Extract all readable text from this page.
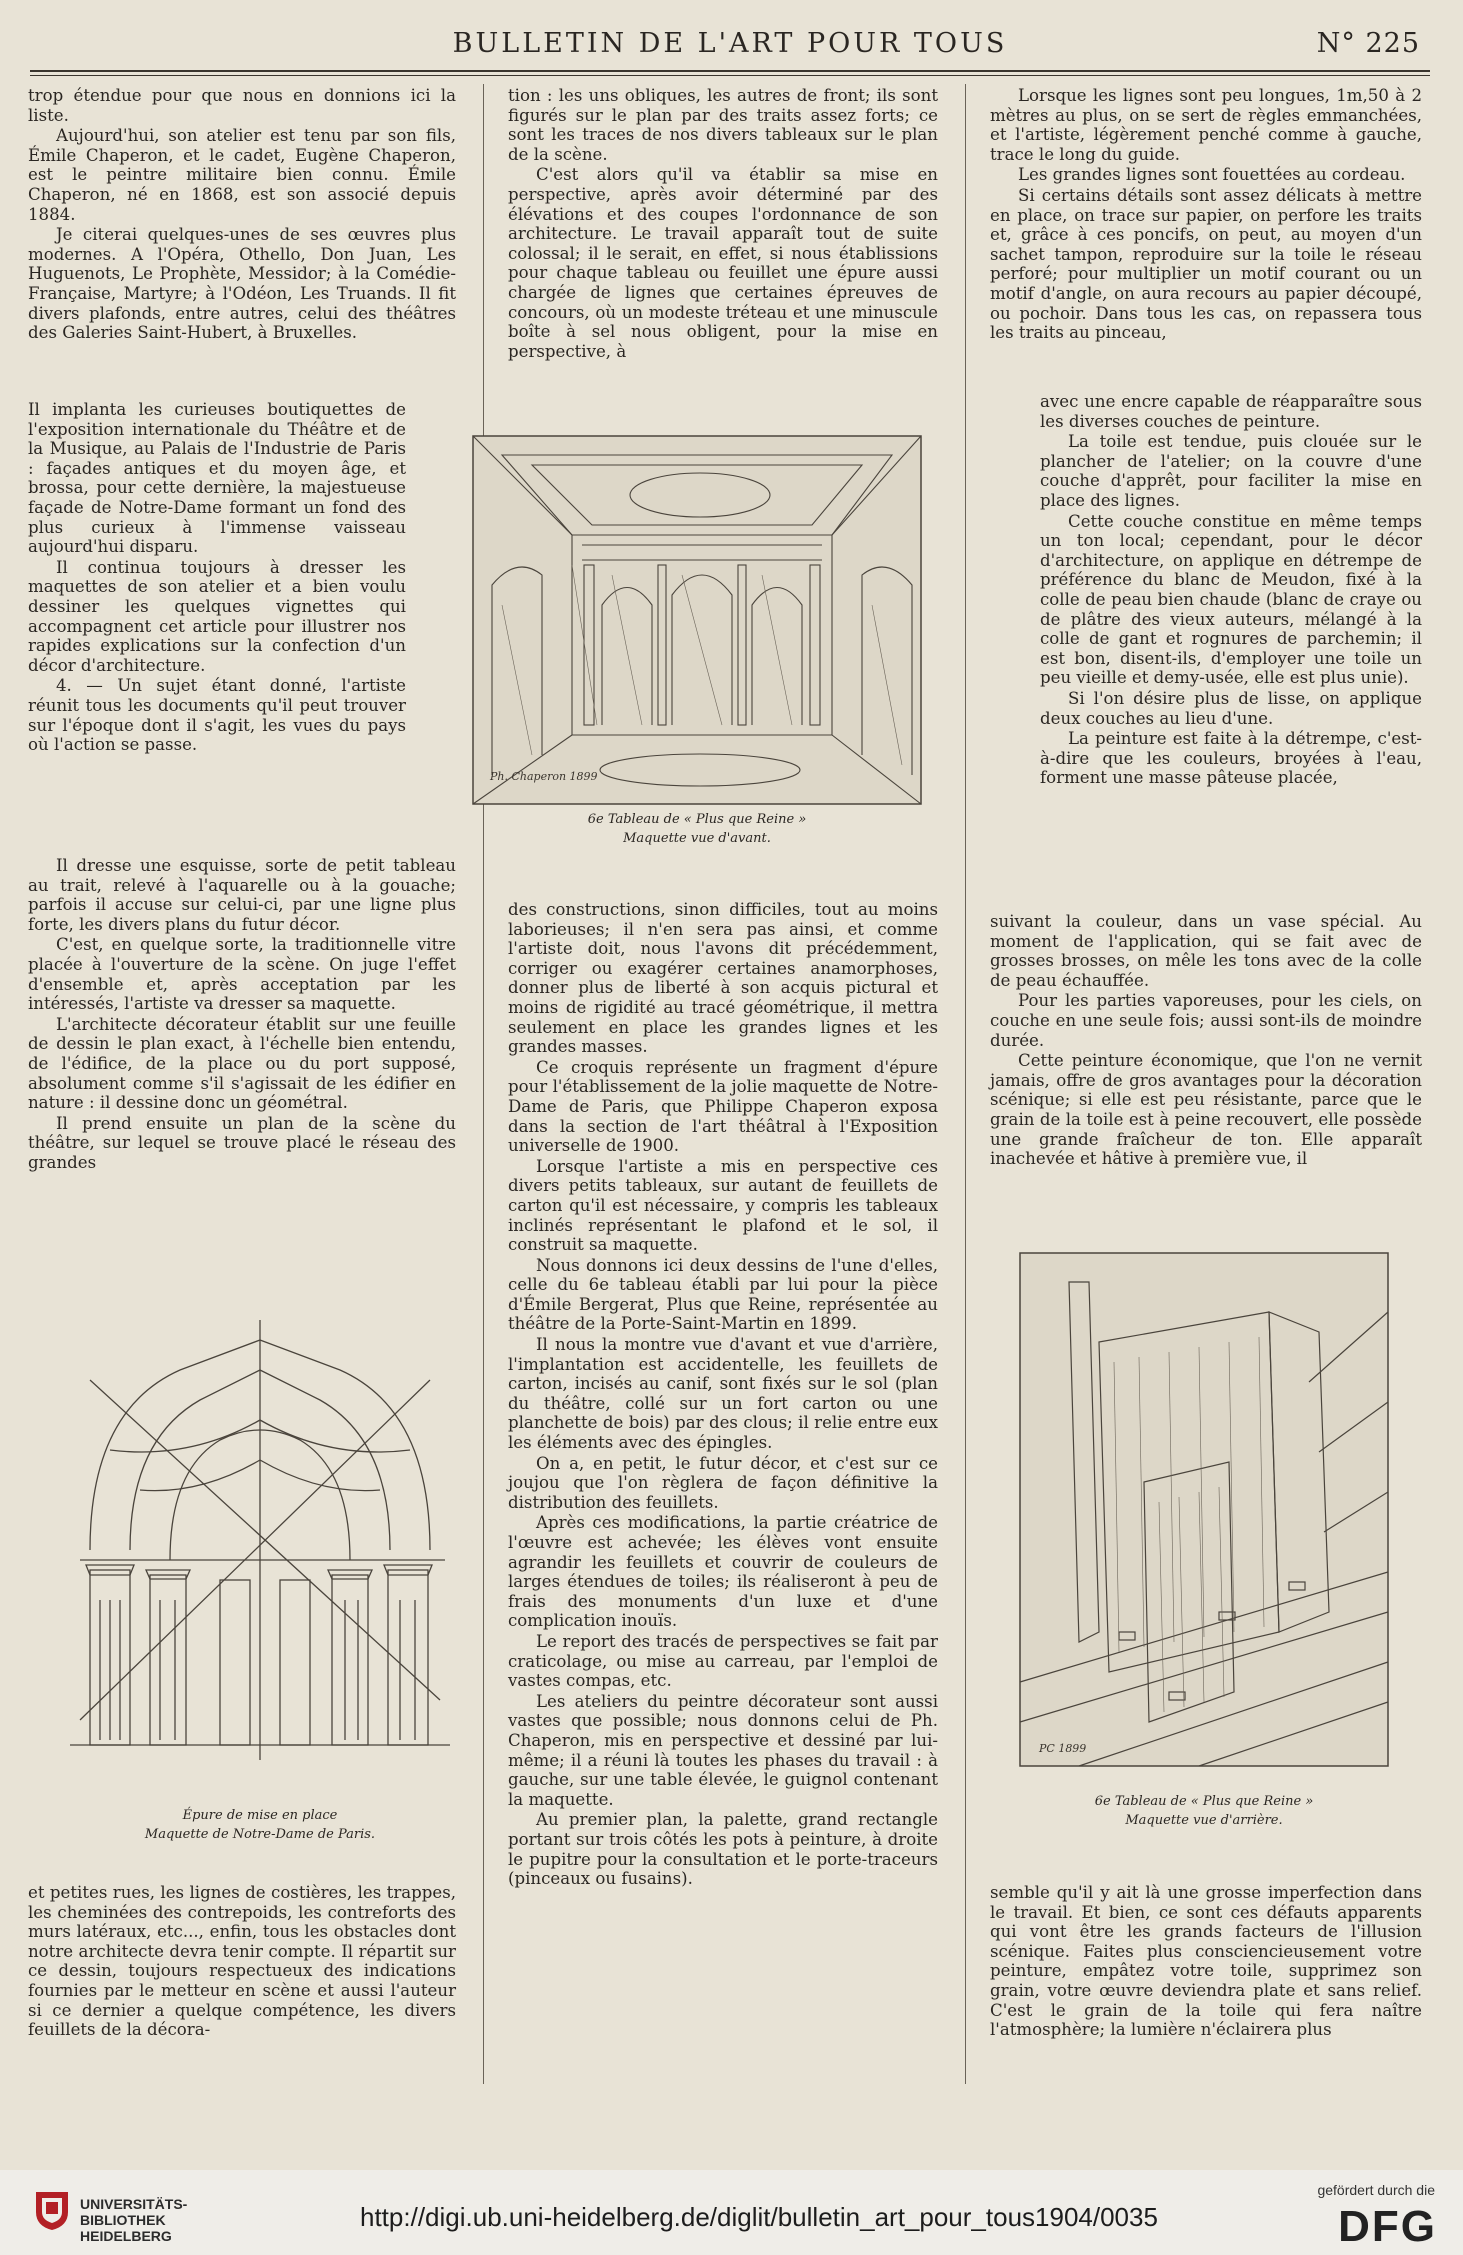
BULLETIN DE L'ART POUR TOUS	N° 225

trop étendue pour que nous en donnions ici la liste.

Aujourd'hui, son atelier est tenu par son fils, Émile Chaperon, et le cadet, Eugène Chaperon, est le peintre militaire bien connu. Émile Chaperon, né en 1868, est son associé depuis 1884.

Je citerai quelques-unes de ses œuvres plus modernes. A l'Opéra, Othello, Don Juan, Les Huguenots, Le Prophète, Messidor; à la Comédie-Française, Martyre; à l'Odéon, Les Truands. Il fit divers plafonds, entre autres, celui des théâtres des Galeries Saint-Hubert, à Bruxelles.

Il implanta les curieuses boutiquettes de l'exposition internationale du Théâtre et de la Musique, au Palais de l'Industrie de Paris : façades antiques et du moyen âge, et brossa, pour cette dernière, la majestueuse façade de Notre-Dame formant un fond des plus curieux à l'immense vaisseau aujourd'hui disparu.

Il continua toujours à dresser les maquettes de son atelier et a bien voulu dessiner les quelques vignettes qui accompagnent cet article pour illustrer nos rapides explications sur la confection d'un décor d'architecture.

4. — Un sujet étant donné, l'artiste réunit tous les documents qu'il peut trouver sur l'époque dont il s'agit, les vues du pays où l'action se passe.

Il dresse une esquisse, sorte de petit tableau au trait, relevé à l'aquarelle ou à la gouache; parfois il accuse sur celui-ci, par une ligne plus forte, les divers plans du futur décor.

C'est, en quelque sorte, la traditionnelle vitre placée à l'ouverture de la scène. On juge l'effet d'ensemble et, après acceptation par les intéressés, l'artiste va dresser sa maquette.

L'architecte décorateur établit sur une feuille de dessin le plan exact, à l'échelle bien entendu, de l'édifice, de la place ou du port supposé, absolument comme s'il s'agissait de les édifier en nature : il dessine donc un géométral.

Il prend ensuite un plan de la scène du théâtre, sur lequel se trouve placé le réseau des grandes

Épure de mise en place
Maquette de Notre-Dame de Paris.

et petites rues, les lignes de costières, les trappes, les cheminées des contrepoids, les contreforts des murs latéraux, etc..., enfin, tous les obstacles dont notre architecte devra tenir compte. Il répartit sur ce dessin, toujours respectueux des indications fournies par le metteur en scène et aussi l'auteur si ce dernier a quelque compétence, les divers feuillets de la décora-

tion : les uns obliques, les autres de front; ils sont figurés sur le plan par des traits assez forts; ce sont les traces de nos divers tableaux sur le plan de la scène.

C'est alors qu'il va établir sa mise en perspective, après avoir déterminé par des élévations et des coupes l'ordonnance de son architecture. Le travail apparaît tout de suite colossal; il le serait, en effet, si nous établissions pour chaque tableau ou feuillet une épure aussi chargée de lignes que certaines épreuves de concours, où un modeste tréteau et une minuscule boîte à sel nous obligent, pour la mise en perspective, à

Ph. Chaperon 1899
6e Tableau de « Plus que Reine »
Maquette vue d'avant.

des constructions, sinon difficiles, tout au moins laborieuses; il n'en sera pas ainsi, et comme l'artiste doit, nous l'avons dit précédemment, corriger ou exagérer certaines anamorphoses, donner plus de liberté à son acquis pictural et moins de rigidité au tracé géométrique, il mettra seulement en place les grandes lignes et les grandes masses.

Ce croquis représente un fragment d'épure pour l'établissement de la jolie maquette de Notre-Dame de Paris, que Philippe Chaperon exposa dans la section de l'art théâtral à l'Exposition universelle de 1900.

Lorsque l'artiste a mis en perspective ces divers petits tableaux, sur autant de feuillets de carton qu'il est nécessaire, y compris les tableaux inclinés représentant le plafond et le sol, il construit sa maquette.

Nous donnons ici deux dessins de l'une d'elles, celle du 6e tableau établi par lui pour la pièce d'Émile Bergerat, Plus que Reine, représentée au théâtre de la Porte-Saint-Martin en 1899.

Il nous la montre vue d'avant et vue d'arrière, l'implantation est accidentelle, les feuillets de carton, incisés au canif, sont fixés sur le sol (plan du théâtre, collé sur un fort carton ou une planchette de bois) par des clous; il relie entre eux les éléments avec des épingles.

On a, en petit, le futur décor, et c'est sur ce joujou que l'on règlera de façon définitive la distribution des feuillets.

Après ces modifications, la partie créatrice de l'œuvre est achevée; les élèves vont ensuite agrandir les feuillets et couvrir de couleurs de larges étendues de toiles; ils réaliseront à peu de frais des monuments d'un luxe et d'une complication inouïs.

Le report des tracés de perspectives se fait par craticolage, ou mise au carreau, par l'emploi de vastes compas, etc.

Les ateliers du peintre décorateur sont aussi vastes que possible; nous donnons celui de Ph. Chaperon, mis en perspective et dessiné par lui-même; il a réuni là toutes les phases du travail : à gauche, sur une table élevée, le guignol contenant la maquette.

Au premier plan, la palette, grand rectangle portant sur trois côtés les pots à peinture, à droite le pupitre pour la consultation et le porte-traceurs (pinceaux ou fusains).

Lorsque les lignes sont peu longues, 1m,50 à 2 mètres au plus, on se sert de règles emmanchées, et l'artiste, légèrement penché comme à gauche, trace le long du guide.

Les grandes lignes sont fouettées au cordeau.

Si certains détails sont assez délicats à mettre en place, on trace sur papier, on perfore les traits et, grâce à ces poncifs, on peut, au moyen d'un sachet tampon, reproduire sur la toile le réseau perforé; pour multiplier un motif courant ou un motif d'angle, on aura recours au papier découpé, ou pochoir. Dans tous les cas, on repassera tous les traits au pinceau,

avec une encre capable de réapparaître sous les diverses couches de peinture.

La toile est tendue, puis clouée sur le plancher de l'atelier; on la couvre d'une couche d'apprêt, pour faciliter la mise en place des lignes.

Cette couche constitue en même temps un ton local; cependant, pour le décor d'architecture, on applique en détrempe de préférence du blanc de Meudon, fixé à la colle de peau bien chaude (blanc de craye ou de plâtre des vieux auteurs, mélangé à la colle de gant et rognures de parchemin; il est bon, disent-ils, d'employer une toile un peu vieille et demy-usée, elle est plus unie).

Si l'on désire plus de lisse, on applique deux couches au lieu d'une.

La peinture est faite à la détrempe, c'est-à-dire que les couleurs, broyées à l'eau, forment une masse pâteuse placée,

suivant la couleur, dans un vase spécial. Au moment de l'application, qui se fait avec de grosses brosses, on mêle les tons avec de la colle de peau échauffée.

Pour les parties vaporeuses, pour les ciels, on couche en une seule fois; aussi sont-ils de moindre durée.

Cette peinture économique, que l'on ne vernit jamais, offre de gros avantages pour la décoration scénique; si elle est peu résistante, parce que le grain de la toile est à peine recouvert, elle possède une grande fraîcheur de ton. Elle apparaît inachevée et hâtive à première vue, il

PC 1899
6e Tableau de « Plus que Reine »
Maquette vue d'arrière.

semble qu'il y ait là une grosse imperfection dans le travail. Et bien, ce sont ces défauts apparents qui vont être les grands facteurs de l'illusion scénique. Faites plus consciencieusement votre peinture, empâtez votre toile, supprimez son grain, votre œuvre deviendra plate et sans relief. C'est le grain de la toile qui fera naître l'atmosphère; la lumière n'éclairera plus

UNIVERSITÄTS-
BIBLIOTHEK
HEIDELBERG
http://digi.ub.uni-heidelberg.de/diglit/bulletin_art_pour_tous1904/0035
gefördert durch die
DFG
